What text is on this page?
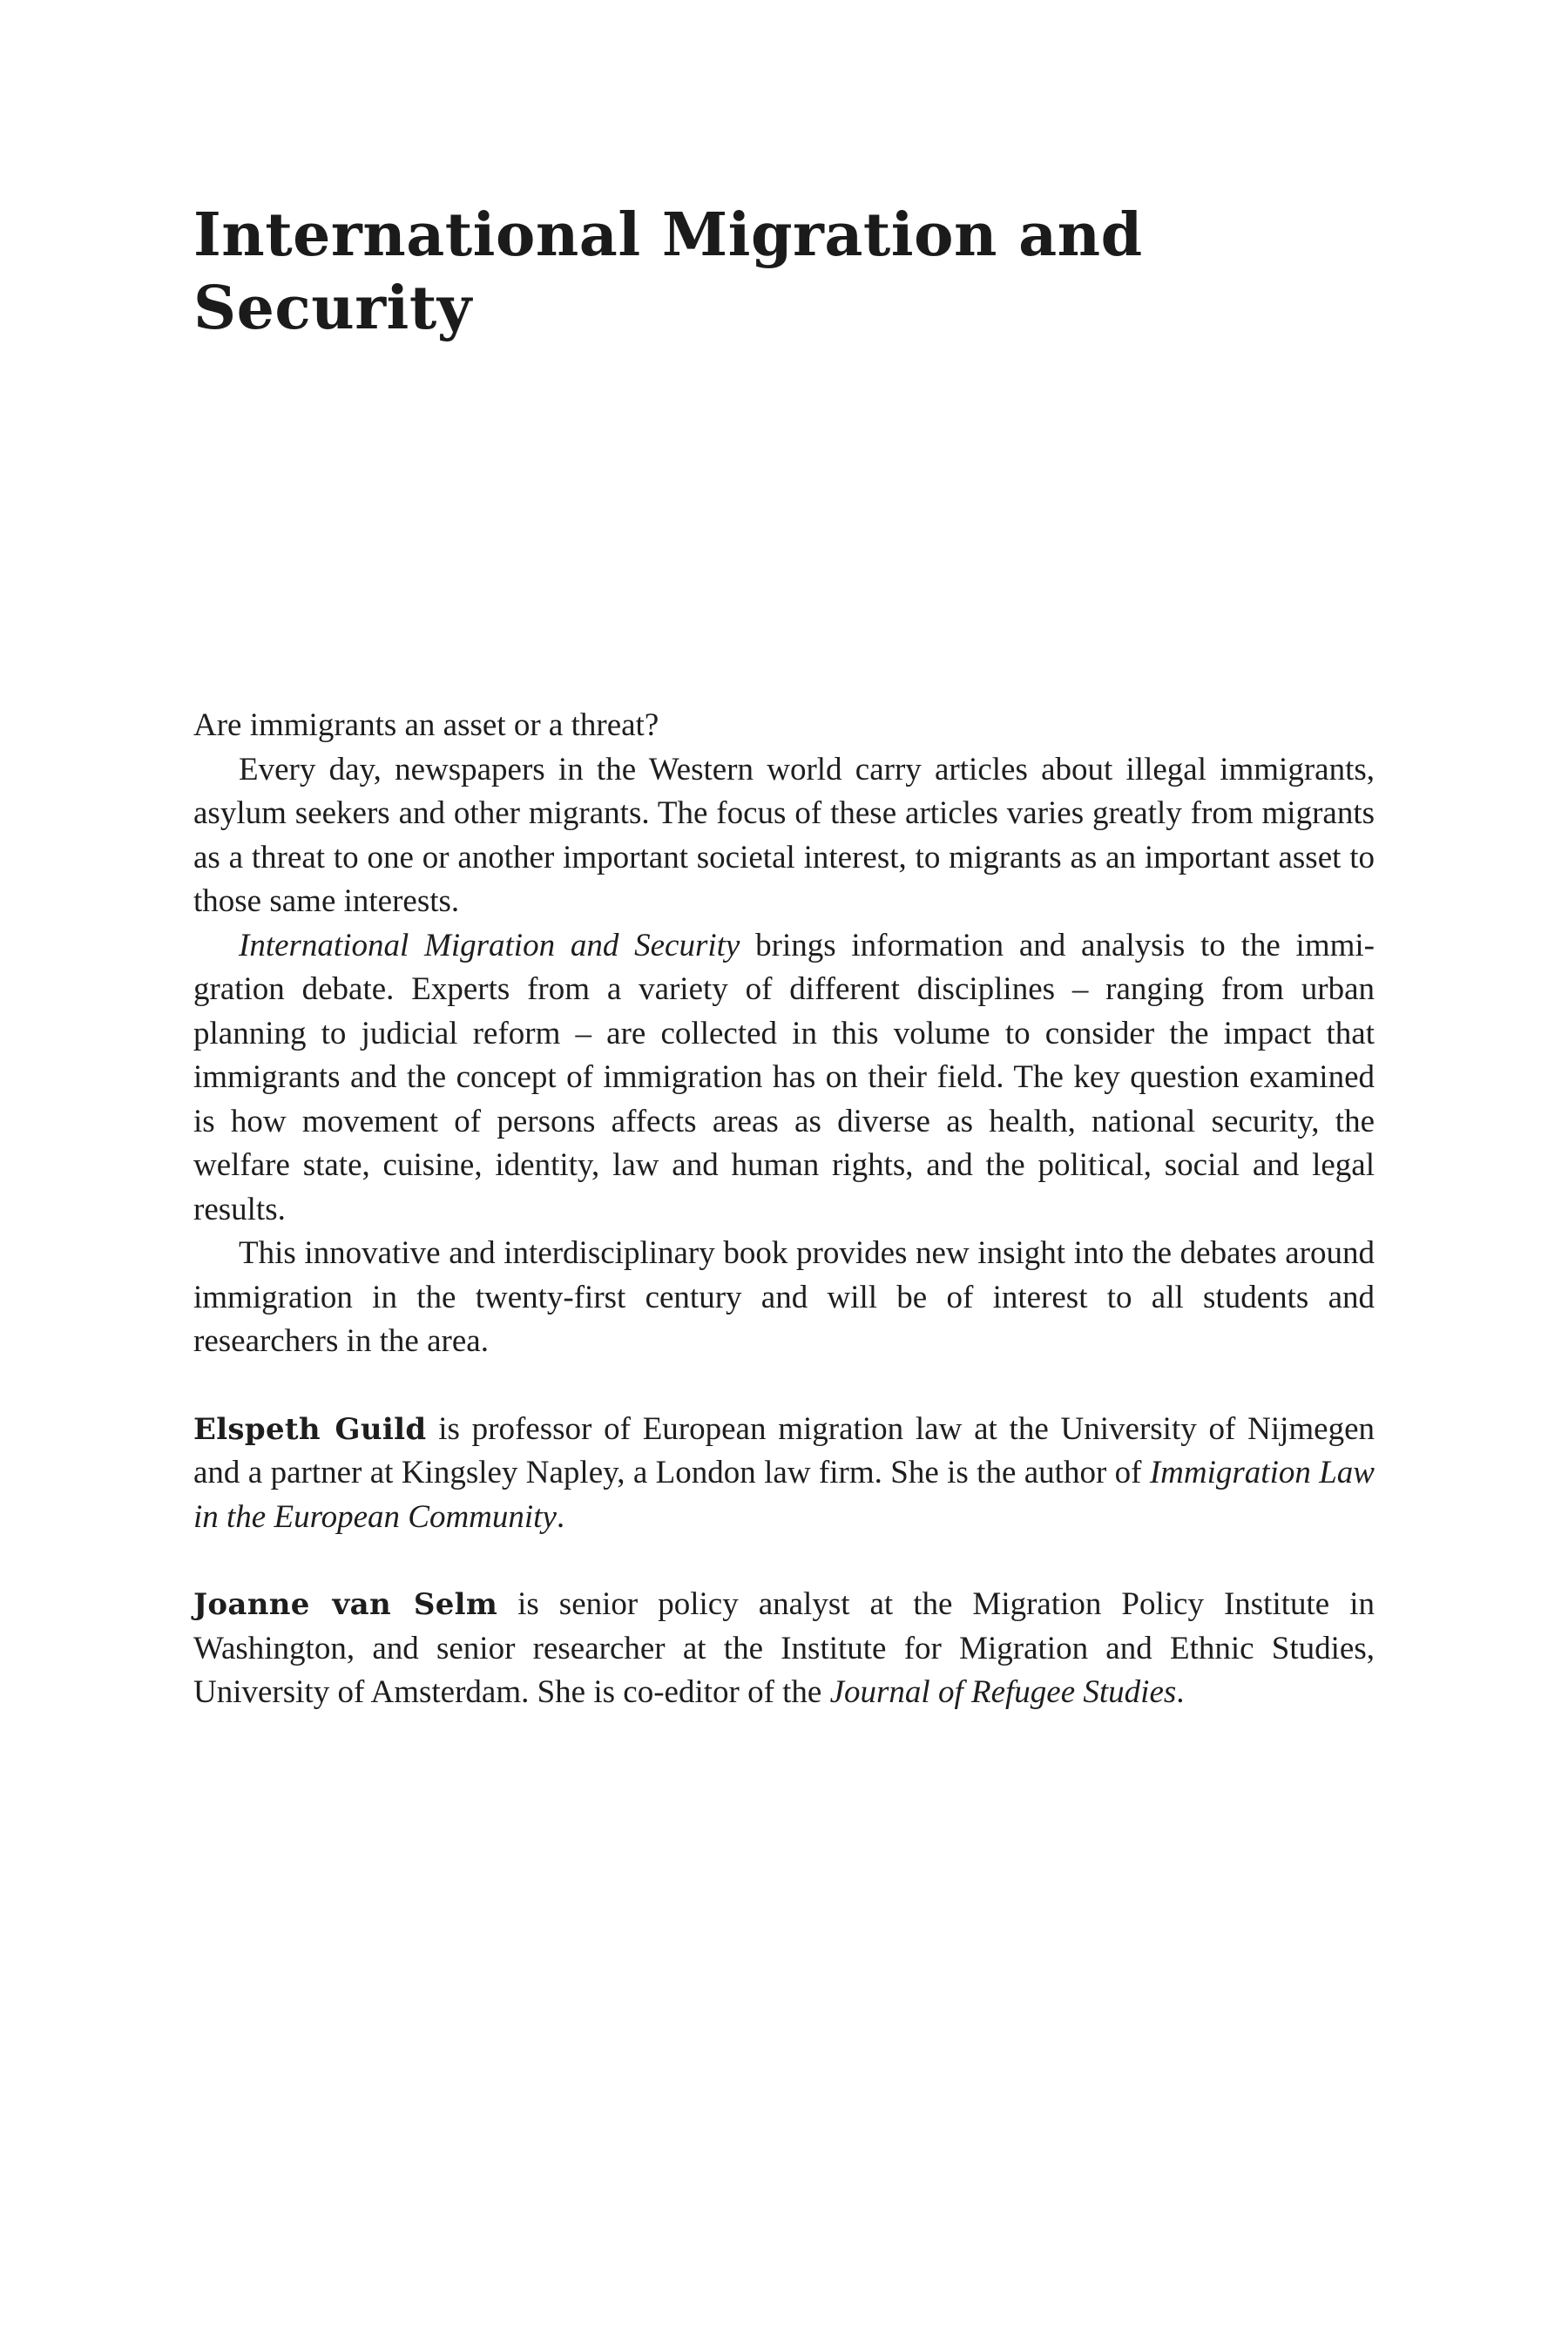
International Migration and
Security

Are immigrants an asset or a threat?

Every day, newspapers in the Western world carry articles about illegal immigrants, asylum seekers and other migrants. The focus of these articles varies greatly from migrants as a threat to one or another important societal interest, to migrants as an important asset to those same interests.

International Migration and Security brings information and analysis to the immigration debate. Experts from a variety of different disciplines – ranging from urban planning to judicial reform – are collected in this volume to consider the impact that immigrants and the concept of immigration has on their field. The key question examined is how movement of persons affects areas as diverse as health, national security, the welfare state, cuisine, identity, law and human rights, and the political, social and legal results.

This innovative and interdisciplinary book provides new insight into the debates around immigration in the twenty-first century and will be of interest to all students and researchers in the area.

Elspeth Guild is professor of European migration law at the University of Nijmegen and a partner at Kingsley Napley, a London law firm. She is the author of Immigration Law in the European Community.

Joanne van Selm is senior policy analyst at the Migration Policy Institute in Washington, and senior researcher at the Institute for Migration and Ethnic Studies, University of Amsterdam. She is co-editor of the Journal of Refugee Studies.
